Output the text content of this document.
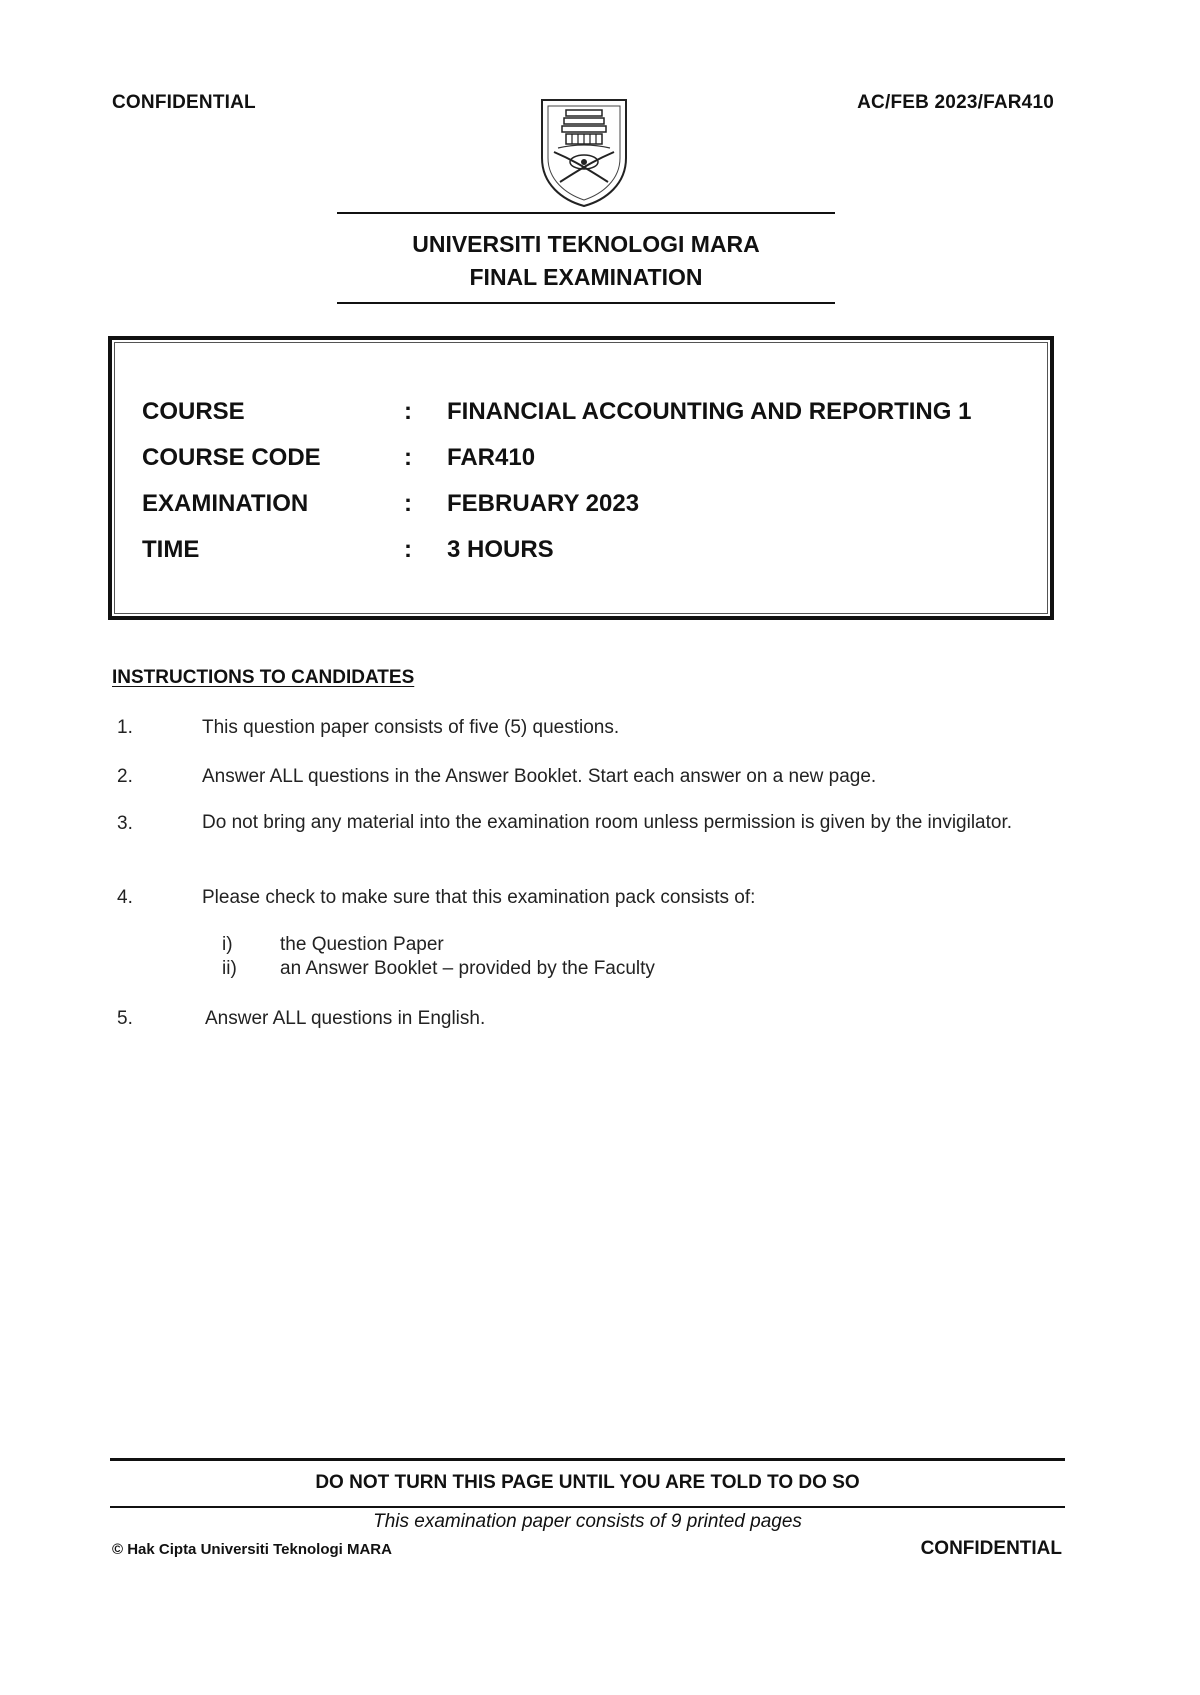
CONFIDENTIAL	AC/FEB 2023/FAR410
UNIVERSITI TEKNOLOGI MARA
FINAL EXAMINATION
COURSE	: FINANCIAL ACCOUNTING AND REPORTING 1
COURSE CODE	: FAR410
EXAMINATION	: FEBRUARY 2023
TIME	: 3 HOURS
INSTRUCTIONS TO CANDIDATES
1.	This question paper consists of five (5) questions.
2.	Answer ALL questions in the Answer Booklet. Start each answer on a new page.
3.	Do not bring any material into the examination room unless permission is given by the invigilator.
4.	Please check to make sure that this examination pack consists of:
i) the Question Paper
ii) an Answer Booklet – provided by the Faculty
5.	Answer ALL questions in English.
DO NOT TURN THIS PAGE UNTIL YOU ARE TOLD TO DO SO
This examination paper consists of 9 printed pages
© Hak Cipta Universiti Teknologi MARA	CONFIDENTIAL
